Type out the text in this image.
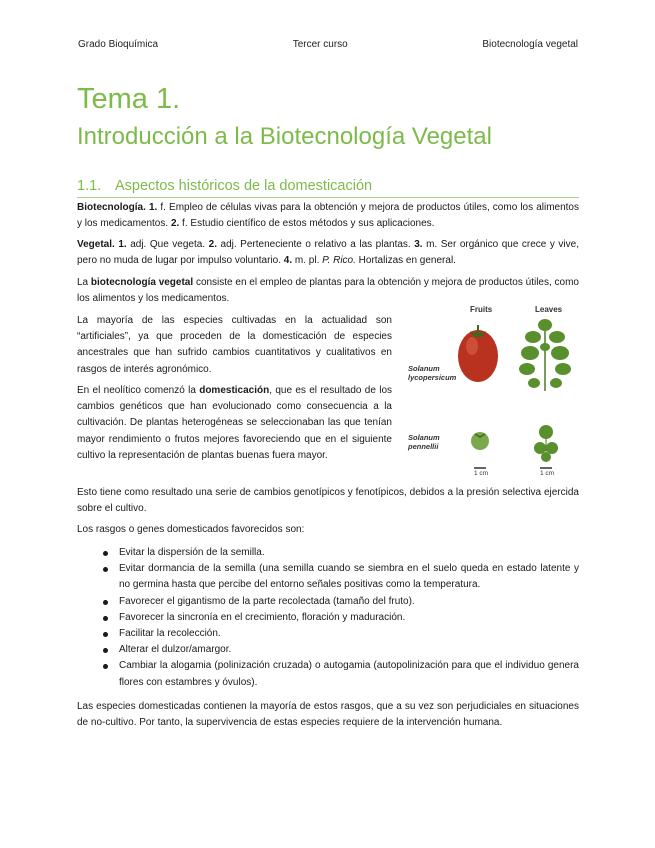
Grado Bioquímica	Tercer curso	Biotecnología vegetal
Tema 1.
Introducción a la Biotecnología Vegetal
1.1. Aspectos históricos de la domesticación
Biotecnología. 1. f. Empleo de células vivas para la obtención y mejora de productos útiles, como los alimentos y los medicamentos. 2. f. Estudio científico de estos métodos y sus aplicaciones.
Vegetal. 1. adj. Que vegeta. 2. adj. Perteneciente o relativo a las plantas. 3. m. Ser orgánico que crece y vive, pero no muda de lugar por impulso voluntario. 4. m. pl. P. Rico. Hortalizas en general.
La biotecnología vegetal consiste en el empleo de plantas para la obtención y mejora de productos útiles, como los alimentos y los medicamentos.
La mayoría de las especies cultivadas en la actualidad son “artificiales”, ya que proceden de la domesticación de especies ancestrales que han sufrido cambios cuantitativos y cualitativos en rasgos de interés agronómico.
En el neolítico comenzó la domesticación, que es el resultado de los cambios genéticos que han evolucionado como consecuencia a la cultivación. De plantas heterogéneas se seleccionaban las que tenían mayor rendimiento o frutos mejores favoreciendo que en el siguiente cultivo la representación de plantas buenas fuera mayor.
Fruits	Leaves
Solanum lycopersicum
Solanum pennellii
1 cm	1 cm
Esto tiene como resultado una serie de cambios genotípicos y fenotípicos, debidos a la presión selectiva ejercida sobre el cultivo.
Los rasgos o genes domesticados favorecidos son:
Evitar la dispersión de la semilla.
Evitar dormancia de la semilla (una semilla cuando se siembra en el suelo queda en estado latente y no germina hasta que percibe del entorno señales positivas como la temperatura.
Favorecer el gigantismo de la parte recolectada (tamaño del fruto).
Favorecer la sincronía en el crecimiento, floración y maduración.
Facilitar la recolección.
Alterar el dulzor/amargor.
Cambiar la alogamia (polinización cruzada) o autogamia (autopolinización para que el individuo genera flores con estambres y óvulos).
Las especies domesticadas contienen la mayoría de estos rasgos, que a su vez son perjudiciales en situaciones de no-cultivo. Por tanto, la supervivencia de estas especies requiere de la intervención humana.
